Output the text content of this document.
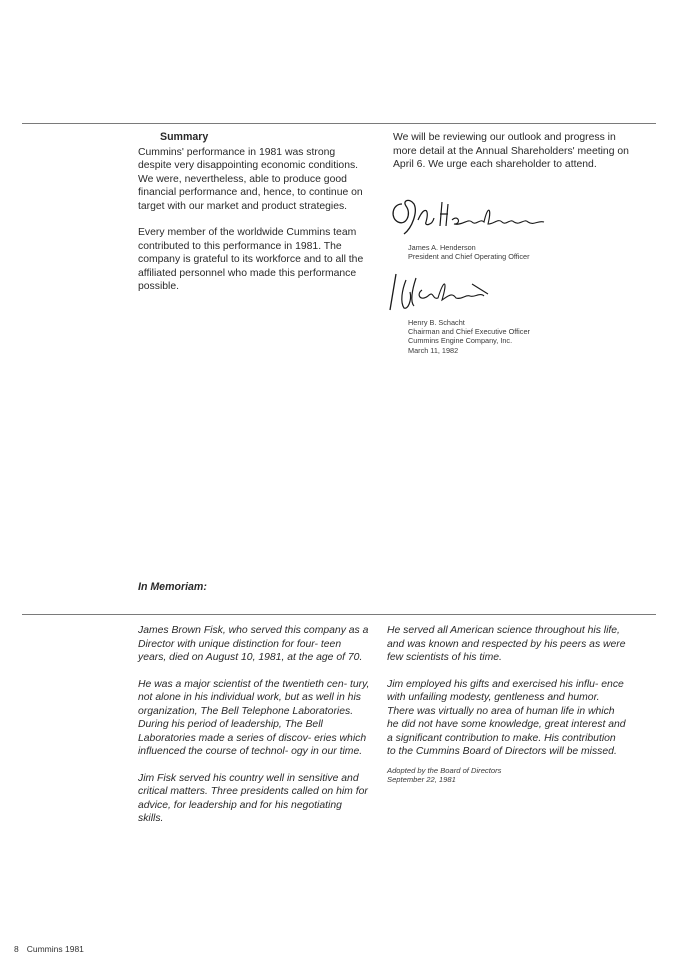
Summary

Cummins' performance in 1981 was strong despite very disappointing economic conditions. We were, nevertheless, able to produce good financial performance and, hence, to continue on target with our market and product strategies.

Every member of the worldwide Cummins team contributed to this performance in 1981. The company is grateful to its workforce and to all the affiliated personnel who made this performance possible.

We will be reviewing our outlook and progress in more detail at the Annual Shareholders' meeting on April 6. We urge each shareholder to attend.

James A. Henderson
President and Chief Operating Officer
Henry B. Schacht
Chairman and Chief Executive Officer
Cummins Engine Company, Inc.
March 11, 1982
In Memoriam:

James Brown Fisk, who served this company as a Director with unique distinction for four- teen years, died on August 10, 1981, at the age of 70.

He was a major scientist of the twentieth cen- tury, not alone in his individual work, but as well in his organization, The Bell Telephone Laboratories. During his period of leadership, The Bell Laboratories made a series of discov- eries which influenced the course of technol- ogy in our time.

Jim Fisk served his country well in sensitive and critical matters. Three presidents called on him for advice, for leadership and for his negotiating skills.

He served all American science throughout his life, and was known and respected by his peers as were few scientists of his time.

Jim employed his gifts and exercised his influ- ence with unfailing modesty, gentleness and humor. There was virtually no area of human life in which he did not have some knowledge, great interest and a significant contribution to make. His contribution to the Cummins Board of Directors will be missed.

Adopted by the Board of Directors
September 22, 1981
8 Cummins 1981
